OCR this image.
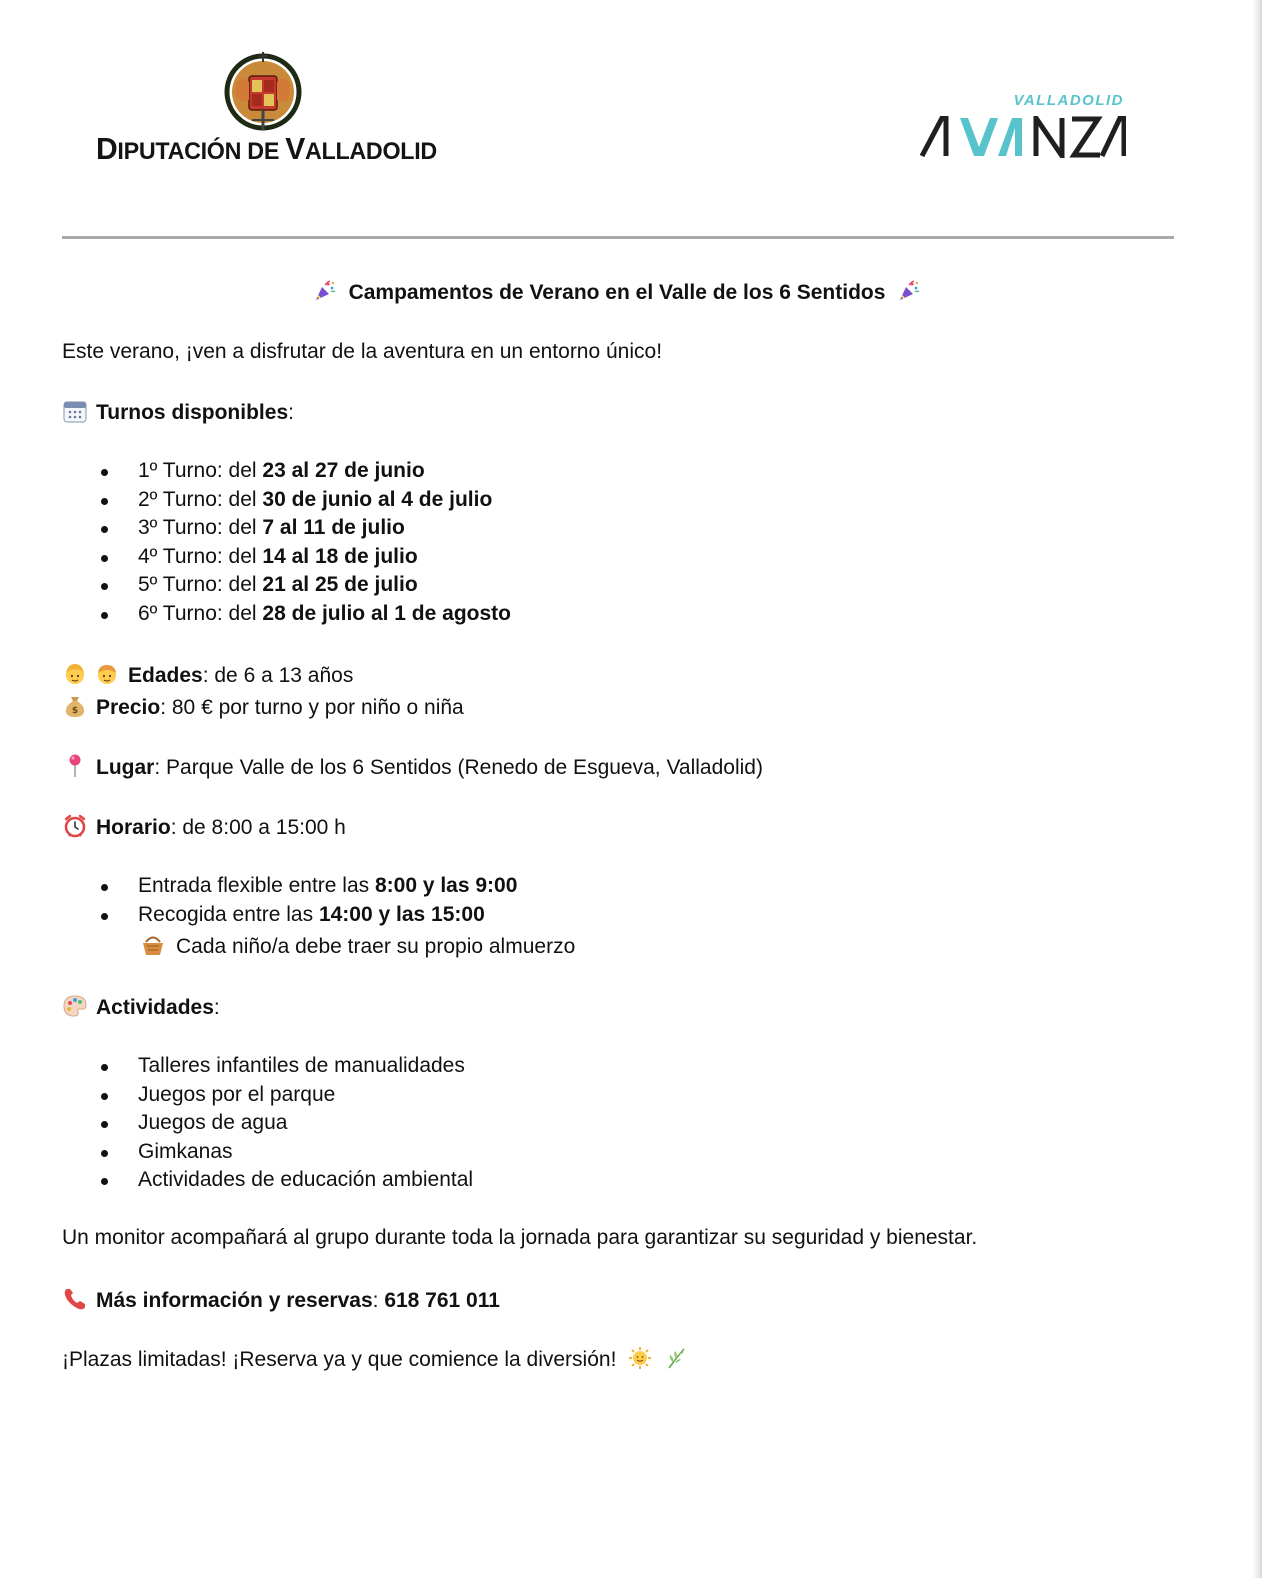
DIPUTACIÓN DE VALLADOLID
VALLADOLID
AVANZA
Campamentos de Verano en el Valle de los 6 Sentidos
Este verano, ¡ven a disfrutar de la aventura en un entorno único!
Turnos disponibles:
1º Turno: del 23 al 27 de junio
2º Turno: del 30 de junio al 4 de julio
3º Turno: del 7 al 11 de julio
4º Turno: del 14 al 18 de julio
5º Turno: del 21 al 25 de julio
6º Turno: del 28 de julio al 1 de agosto
Edades: de 6 a 13 años
$ Precio: 80 € por turno y por niño o niña
Lugar: Parque Valle de los 6 Sentidos (Renedo de Esgueva, Valladolid)
Horario: de 8:00 a 15:00 h
Entrada flexible entre las 8:00 y las 9:00
Recogida entre las 14:00 y las 15:00
Cada niño/a debe traer su propio almuerzo
Actividades:
Talleres infantiles de manualidades
Juegos por el parque
Juegos de agua
Gimkanas
Actividades de educación ambiental
Un monitor acompañará al grupo durante toda la jornada para garantizar su seguridad y bienestar.
Más información y reservas: 618 761 011
¡Plazas limitadas! ¡Reserva ya y que comience la diversión!
